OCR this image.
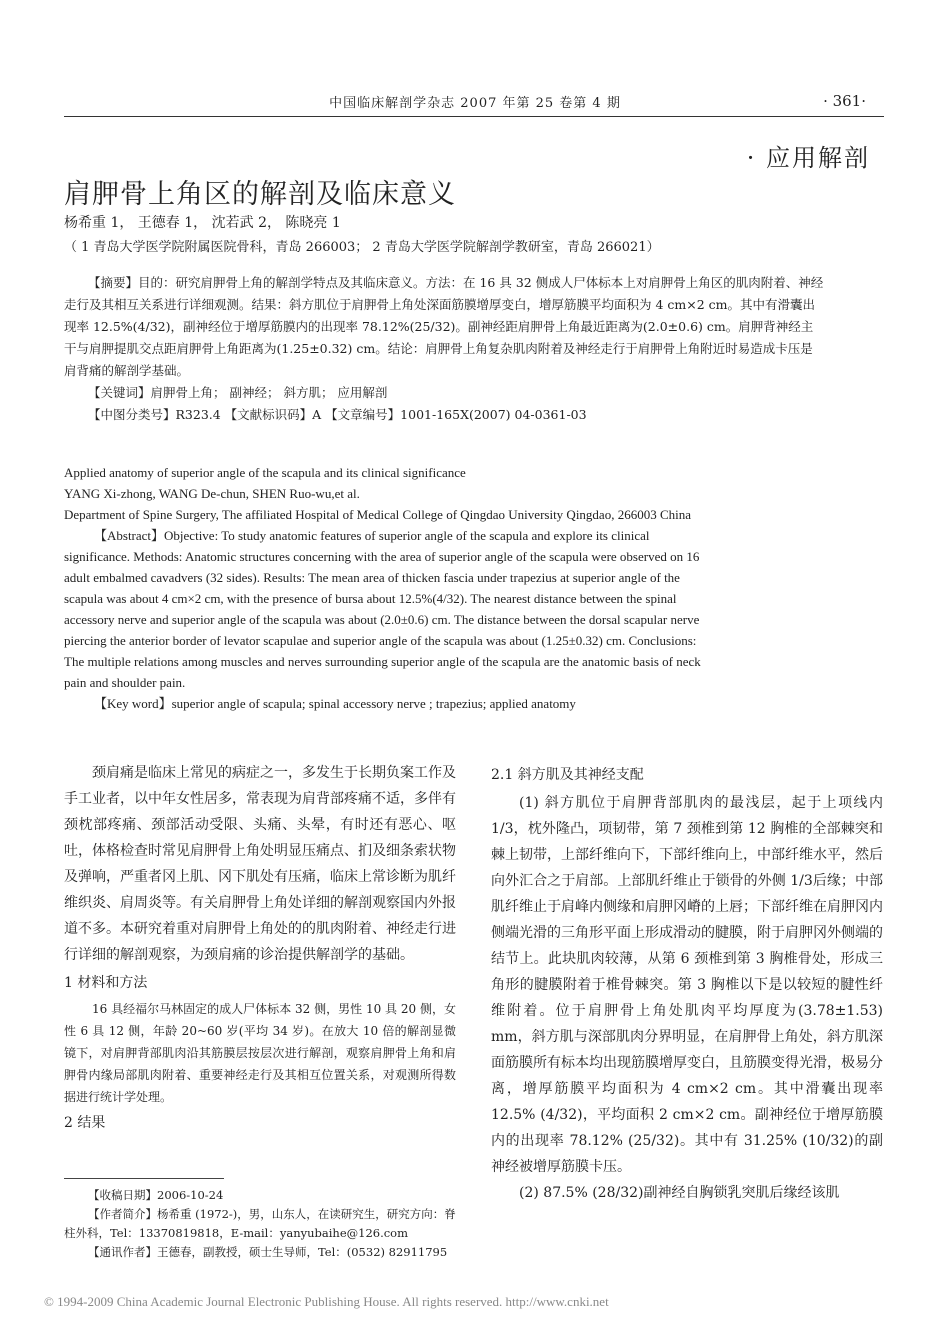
中国临床解剖学杂志 2007 年第 25 卷第 4 期	· 361·
· 应用解剖
肩胛骨上角区的解剖及临床意义
杨希重 1， 王德春 1， 沈若武 2， 陈晓亮 1
（ 1 青岛大学医学院附属医院骨科，青岛 266003； 2 青岛大学医学院解剖学教研室，青岛 266021）

【摘要】目的：研究肩胛骨上角的解剖学特点及其临床意义。方法：在 16 具 32 侧成人尸体标本上对肩胛骨上角区的肌肉附着、神经走行及其相互关系进行详细观测。结果：斜方肌位于肩胛骨上角处深面筋膜增厚变白，增厚筋膜平均面积为 4 cm×2 cm。其中有滑囊出现率 12.5%(4/32)，副神经位于增厚筋膜内的出现率 78.12%(25/32)。副神经距肩胛骨上角最近距离为(2.0±0.6) cm。肩胛背神经主干与肩胛提肌交点距肩胛骨上角距离为(1.25±0.32) cm。结论：肩胛骨上角复杂肌肉附着及神经走行于肩胛骨上角附近时易造成卡压是肩背痛的解剖学基础。

【关键词】肩胛骨上角； 副神经； 斜方肌； 应用解剖

【中图分类号】R323.4 【文献标识码】A 【文章编号】1001-165X(2007) 04-0361-03

Applied anatomy of superior angle of the scapula and its clinical significance

YANG Xi-zhong, WANG De-chun, SHEN Ruo-wu,et al.

Department of Spine Surgery, The affiliated Hospital of Medical College of Qingdao University Qingdao, 266003 China

【Abstract】Objective: To study anatomic features of superior angle of the scapula and explore its clinical significance. Methods: Anatomic structures concerning with the area of superior angle of the scapula were observed on 16 adult embalmed cavadvers (32 sides). Results: The mean area of thicken fascia under trapezius at superior angle of the scapula was about 4 cm×2 cm, with the presence of bursa about 12.5%(4/32). The nearest distance between the spinal accessory nerve and superior angle of the scapula was about (2.0±0.6) cm. The distance between the dorsal scapular nerve piercing the anterior border of levator scapulae and superior angle of the scapula was about (1.25±0.32) cm. Conclusions: The multiple relations among muscles and nerves surrounding superior angle of the scapula are the anatomic basis of neck pain and shoulder pain.

【Key word】superior angle of scapula; spinal accessory nerve ; trapezius; applied anatomy

颈肩痛是临床上常见的病症之一，多发生于长期负案工作及手工业者，以中年女性居多，常表现为肩背部疼痛不适，多伴有颈枕部疼痛、颈部活动受限、头痛、头晕，有时还有恶心、呕吐，体格检查时常见肩胛骨上角处明显压痛点、扪及细条索状物及弹响，严重者冈上肌、冈下肌处有压痛，临床上常诊断为肌纤维织炎、肩周炎等。有关肩胛骨上角处详细的解剖观察国内外报道不多。本研究着重对肩胛骨上角处的的肌肉附着、神经走行进行详细的解剖观察，为颈肩痛的诊治提供解剖学的基础。

1 材料和方法

16 具经福尔马林固定的成人尸体标本 32 侧，男性 10 具 20 侧，女性 6 具 12 侧，年龄 20~60 岁(平均 34 岁)。在放大 10 倍的解剖显微镜下，对肩胛背部肌肉沿其筋膜层按层次进行解剖，观察肩胛骨上角和肩胛骨内缘局部肌肉附着、重要神经走行及其相互位置关系，对观测所得数据进行统计学处理。

2 结果

2.1 斜方肌及其神经支配

(1) 斜方肌位于肩胛背部肌肉的最浅层，起于上项线内 1/3，枕外隆凸，项韧带，第 7 颈椎到第 12 胸椎的全部棘突和棘上韧带，上部纤维向下，下部纤维向上，中部纤维水平，然后向外汇合之于肩部。上部肌纤维止于锁骨的外侧 1/3后缘；中部肌纤维止于肩峰内侧缘和肩胛冈嵴的上唇；下部纤维在肩胛冈内侧端光滑的三角形平面上形成滑动的腱膜，附于肩胛冈外侧端的结节上。此块肌肉较薄，从第 6 颈椎到第 3 胸椎骨处，形成三角形的腱膜附着于椎骨棘突。第 3 胸椎以下是以较短的腱性纤维附着。位于肩胛骨上角处肌肉平均厚度为(3.78±1.53) mm，斜方肌与深部肌肉分界明显，在肩胛骨上角处，斜方肌深面筋膜所有标本均出现筋膜增厚变白，且筋膜变得光滑，极易分离，增厚筋膜平均面积为 4 cm×2 cm。其中滑囊出现率 12.5% (4/32)，平均面积 2 cm×2 cm。副神经位于增厚筋膜内的出现率 78.12% (25/32)。其中有 31.25% (10/32)的副神经被增厚筋膜卡压。

(2) 87.5% (28/32)副神经自胸锁乳突肌后缘经该肌

【收稿日期】2006-10-24

【作者简介】杨希重 (1972-)，男，山东人，在读研究生，研究方向：脊柱外科，Tel：13370819818，E-mail：yanyubaihe@126.com

【通讯作者】王德春，副教授，硕士生导师，Tel：(0532) 82911795

© 1994-2009 China Academic Journal Electronic Publishing House. All rights reserved. http://www.cnki.net
